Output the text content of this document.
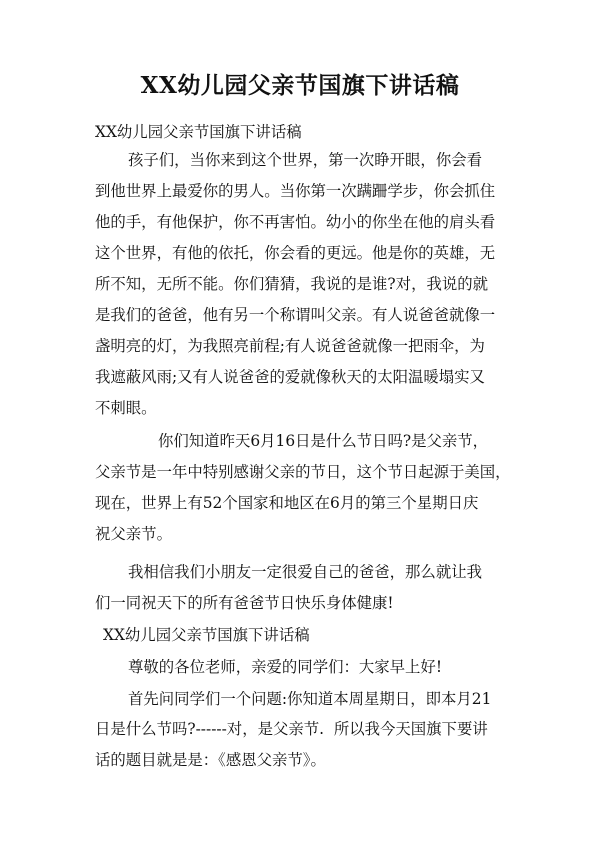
XX幼儿园父亲节国旗下讲话稿

XX幼儿园父亲节国旗下讲话稿

孩子们，当你来到这个世界，第一次睁开眼，你会看

到他世界上最爱你的男人。当你第一次蹒跚学步，你会抓住

他的手，有他保护，你不再害怕。幼小的你坐在他的肩头看

这个世界，有他的依托，你会看的更远。他是你的英雄，无

所不知，无所不能。你们猜猜，我说的是谁?对，我说的就

是我们的爸爸，他有另一个称谓叫父亲。有人说爸爸就像一

盏明亮的灯，为我照亮前程;有人说爸爸就像一把雨伞，为

我遮蔽风雨;又有人说爸爸的爱就像秋天的太阳温暖塌实又

不刺眼。

你们知道昨天6月16日是什么节日吗?是父亲节，

父亲节是一年中特别感谢父亲的节日，这个节日起源于美国，

现在，世界上有52个国家和地区在6月的第三个星期日庆

祝父亲节。

我相信我们小朋友一定很爱自己的爸爸，那么就让我

们一同祝天下的所有爸爸节日快乐身体健康!

XX幼儿园父亲节国旗下讲话稿

尊敬的各位老师，亲爱的同学们：大家早上好!

首先问同学们一个问题:你知道本周星期日，即本月21

日是什么节吗?------对，是父亲节.  所以我今天国旗下要讲

话的题目就是是：《感恩父亲节》。
